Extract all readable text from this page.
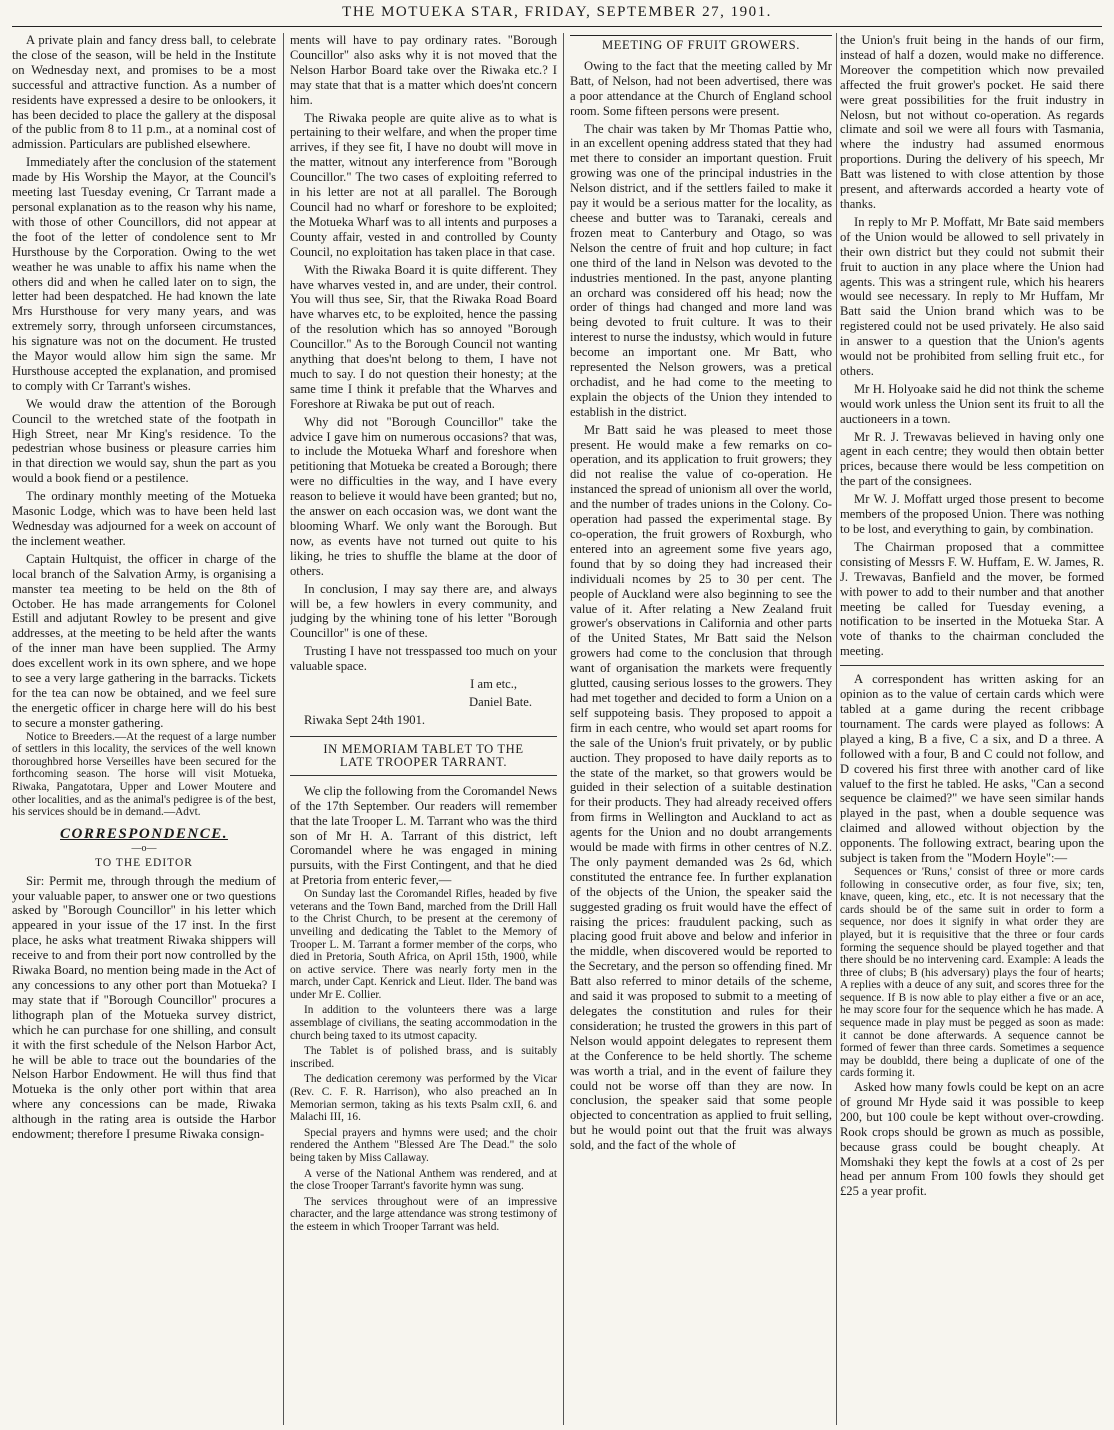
THE MOTUEKA STAR, FRIDAY, SEPTEMBER 27, 1901.

A private plain and fancy dress ball, to celebrate the close of the season, will be held in the Institute on Wednesday next, and promises to be a most successful and attractive function. As a number of residents have expressed a desire to be onlookers, it has been decided to place the gallery at the disposal of the public from 8 to 11 p.m., at a nominal cost of admission. Particulars are published elsewhere.

Immediately after the conclusion of the statement made by His Worship the Mayor, at the Council's meeting last Tuesday evening, Cr Tarrant made a personal explanation as to the reason why his name, with those of other Councillors, did not appear at the foot of the letter of condolence sent to Mr Hursthouse by the Corporation. Owing to the wet weather he was unable to affix his name when the others did and when he called later on to sign, the letter had been despatched. He had known the late Mrs Hursthouse for very many years, and was extremely sorry, through unforseen circumstances, his signature was not on the document. He trusted the Mayor would allow him sign the same. Mr Hursthouse accepted the explanation, and promised to comply with Cr Tarrant's wishes.

We would draw the attention of the Borough Council to the wretched state of the footpath in High Street, near Mr King's residence. To the pedestrian whose business or pleasure carries him in that direction we would say, shun the part as you would a book fiend or a pestilence.

The ordinary monthly meeting of the Motueka Masonic Lodge, which was to have been held last Wednesday was adjourned for a week on account of the inclement weather.

Captain Hultquist, the officer in charge of the local branch of the Salvation Army, is organising a manster tea meeting to be held on the 8th of October. He has made arrangements for Colonel Estill and adjutant Rowley to be present and give addresses, at the meeting to be held after the wants of the inner man have been supplied. The Army does excellent work in its own sphere, and we hope to see a very large gathering in the barracks. Tickets for the tea can now be obtained, and we feel sure the energetic officer in charge here will do his best to secure a monster gathering.

Notice to Breeders.—At the request of a large number of settlers in this locality, the services of the well known thoroughbred horse Verseilles have been secured for the forthcoming season. The horse will visit Motueka, Riwaka, Pangatotara, Upper and Lower Moutere and other localities, and as the animal's pedigree is of the best, his services should be in demand.—Advt.

CORRESPONDENCE.
—o—
TO THE EDITOR

Sir: Permit me, through through the medium of your valuable paper, to answer one or two questions asked by "Borough Councillor" in his letter which appeared in your issue of the 17 inst. In the first place, he asks what treatment Riwaka shippers will receive to and from their port now controlled by the Riwaka Board, no mention being made in the Act of any concessions to any other port than Motueka? I may state that if "Borough Councillor" procures a lithograph plan of the Motueka survey district, which he can purchase for one shilling, and consult it with the first schedule of the Nelson Harbor Act, he will be able to trace out the boundaries of the Nelson Harbor Endowment. He will thus find that Motueka is the only other port within that area where any concessions can be made, Riwaka although in the rating area is outside the Harbor endowment; therefore I presume Riwaka consign-

ments will have to pay ordinary rates. "Borough Councillor" also asks why it is not moved that the Nelson Harbor Board take over the Riwaka etc.? I may state that that is a matter which does'nt concern him.

The Riwaka people are quite alive as to what is pertaining to their welfare, and when the proper time arrives, if they see fit, I have no doubt will move in the matter, witnout any interference from "Borough Councillor." The two cases of exploiting referred to in his letter are not at all parallel. The Borough Council had no wharf or foreshore to be exploited; the Motueka Wharf was to all intents and purposes a County affair, vested in and controlled by County Council, no exploitation has taken place in that case.

With the Riwaka Board it is quite different. They have wharves vested in, and are under, their control. You will thus see, Sir, that the Riwaka Road Board have wharves etc, to be exploited, hence the passing of the resolution which has so annoyed "Borough Councillor." As to the Borough Council not wanting anything that does'nt belong to them, I have not much to say. I do not question their honesty; at the same time I think it prefable that the Wharves and Foreshore at Riwaka be put out of reach.

Why did not "Borough Councillor" take the advice I gave him on numerous occasions? that was, to include the Motueka Wharf and foreshore when petitioning that Motueka be created a Borough; there were no difficulties in the way, and I have every reason to believe it would have been granted; but no, the answer on each occasion was, we dont want the blooming Wharf. We only want the Borough. But now, as events have not turned out quite to his liking, he tries to shuffle the blame at the door of others.

In conclusion, I may say there are, and always will be, a few howlers in every community, and judging by the whining tone of his letter "Borough Councillor" is one of these.

Trusting I have not tresspassed too much on your valuable space.

I am etc.,

Daniel Bate.

Riwaka Sept 24th 1901.

IN MEMORIAM TABLET TO THE
LATE TROOPER TARRANT.

We clip the following from the Coromandel News of the 17th September. Our readers will remember that the late Trooper L. M. Tarrant who was the third son of Mr H. A. Tarrant of this district, left Coromandel where he was engaged in mining pursuits, with the First Contingent, and that he died at Pretoria from enteric fever,—

On Sunday last the Coromandel Rifles, headed by five veterans and the Town Band, marched from the Drill Hall to the Christ Church, to be present at the ceremony of unveiling and dedicating the Tablet to the Memory of Trooper L. M. Tarrant a former member of the corps, who died in Pretoria, South Africa, on April 15th, 1900, while on active service. There was nearly forty men in the march, under Capt. Kenrick and Lieut. Ilder. The band was under Mr E. Collier.

In addition to the volunteers there was a large assemblage of civilians, the seating accommodation in the church being taxed to its utmost capacity.

The Tablet is of polished brass, and is suitably inscribed.

The dedication ceremony was performed by the Vicar (Rev. C. F. R. Harrison), who also preached an In Memorian sermon, taking as his texts Psalm cxII, 6. and Malachi III, 16.

Special prayers and hymns were used; and the choir rendered the Anthem "Blessed Are The Dead." the solo being taken by Miss Callaway.

A verse of the National Anthem was rendered, and at the close Trooper Tarrant's favorite hymn was sung.

The services throughout were of an impressive character, and the large attendance was strong testimony of the esteem in which Trooper Tarrant was held.

MEETING OF FRUIT GROWERS.

Owing to the fact that the meeting called by Mr Batt, of Nelson, had not been advertised, there was a poor attendance at the Church of England school room. Some fifteen persons were present.

The chair was taken by Mr Thomas Pattie who, in an excellent opening address stated that they had met there to consider an important question. Fruit growing was one of the principal industries in the Nelson district, and if the settlers failed to make it pay it would be a serious matter for the locality, as cheese and butter was to Taranaki, cereals and frozen meat to Canterbury and Otago, so was Nelson the centre of fruit and hop culture; in fact one third of the land in Nelson was devoted to the industries mentioned. In the past, anyone planting an orchard was considered off his head; now the order of things had changed and more land was being devoted to fruit culture. It was to their interest to nurse the industsy, which would in future become an important one. Mr Batt, who represented the Nelson growers, was a pretical orchadist, and he had come to the meeting to explain the objects of the Union they intended to establish in the district.

Mr Batt said he was pleased to meet those present. He would make a few remarks on co-operation, and its application to fruit growers; they did not realise the value of co-operation. He instanced the spread of unionism all over the world, and the number of trades unions in the Colony. Co-operation had passed the experimental stage. By co-operation, the fruit growers of Roxburgh, who entered into an agreement some five years ago, found that by so doing they had increased their individuali ncomes by 25 to 30 per cent. The people of Auckland were also beginning to see the value of it. After relating a New Zealand fruit grower's observations in California and other parts of the United States, Mr Batt said the Nelson growers had come to the conclusion that through want of organisation the markets were frequently glutted, causing serious losses to the growers. They had met together and decided to form a Union on a self suppoteing basis. They proposed to appoit a firm in each centre, who would set apart rooms for the sale of the Union's fruit privately, or by public auction. They proposed to have daily reports as to the state of the market, so that growers would be guided in their selection of a suitable destination for their products. They had already received offers from firms in Wellington and Auckland to act as agents for the Union and no doubt arrangements would be made with firms in other centres of N.Z. The only payment demanded was 2s 6d, which constituted the entrance fee. In further explanation of the objects of the Union, the speaker said the suggested grading os fruit would have the effect of raising the prices: fraudulent packing, such as placing good fruit above and below and inferior in the middle, when discovered would be reported to the Secretary, and the person so offending fined. Mr Batt also referred to minor details of the scheme, and said it was proposed to submit to a meeting of delegates the constitution and rules for their consideration; he trusted the growers in this part of Nelson would appoint delegates to represent them at the Conference to be held shortly. The scheme was worth a trial, and in the event of failure they could not be worse off than they are now. In conclusion, the speaker said that some people objected to concentration as applied to fruit selling, but he would point out that the fruit was always sold, and the fact of the whole of

the Union's fruit being in the hands of our firm, instead of half a dozen, would make no difference. Moreover the competition which now prevailed affected the fruit grower's pocket. He said there were great possibilities for the fruit industry in Nelosn, but not without co-operation. As regards climate and soil we were all fours with Tasmania, where the industry had assumed enormous proportions. During the delivery of his speech, Mr Batt was listened to with close attention by those present, and afterwards accorded a hearty vote of thanks.

In reply to Mr P. Moffatt, Mr Bate said members of the Union would be allowed to sell privately in their own district but they could not submit their fruit to auction in any place where the Union had agents. This was a stringent rule, which his hearers would see necessary. In reply to Mr Huffam, Mr Batt said the Union brand which was to be registered could not be used privately. He also said in answer to a question that the Union's agents would not be prohibited from selling fruit etc., for others.

Mr H. Holyoake said he did not think the scheme would work unless the Union sent its fruit to all the auctioneers in a town.

Mr R. J. Trewavas believed in having only one agent in each centre; they would then obtain better prices, because there would be less competition on the part of the consignees.

Mr W. J. Moffatt urged those present to become members of the proposed Union. There was nothing to be lost, and everything to gain, by combination.

The Chairman proposed that a committee consisting of Messrs F. W. Huffam, E. W. James, R. J. Trewavas, Banfield and the mover, be formed with power to add to their number and that another meeting be called for Tuesday evening, a notification to be inserted in the Motueka Star. A vote of thanks to the chairman concluded the meeting.

A correspondent has written asking for an opinion as to the value of certain cards which were tabled at a game during the recent cribbage tournament. The cards were played as follows: A played a king, B a five, C a six, and D a three. A followed with a four, B and C could not follow, and D covered his first three with another card of like valuef to the first he tabled. He asks, "Can a second sequence be claimed?" we have seen similar hands played in the past, when a double sequence was claimed and allowed without objection by the opponents. The following extract, bearing upon the subject is taken from the "Modern Hoyle":—

Sequences or 'Runs,' consist of three or more cards following in consecutive order, as four five, six; ten, knave, queen, king, etc., etc. It is not necessary that the cards should be of the same suit in order to form a sequence, nor does it signify in what order they are played, but it is requisitive that the three or four cards forming the sequence should be played together and that there should be no intervening card. Example: A leads the three of clubs; B (his adversary) plays the four of hearts; A replies with a deuce of any suit, and scores three for the sequence. If B is now able to play either a five or an ace, he may score four for the sequence which he has made. A sequence made in play must be pegged as soon as made: it cannot be done afterwards. A sequence cannot be formed of fewer than three cards. Sometimes a sequence may be doubldd, there being a duplicate of one of the cards forming it.

Asked how many fowls could be kept on an acre of ground Mr Hyde said it was possible to keep 200, but 100 coule be kept without over-crowding. Rook crops should be grown as much as possible, because grass could be bought cheaply. At Momshaki they kept the fowls at a cost of 2s per head per annum From 100 fowls they should get £25 a year profit.
